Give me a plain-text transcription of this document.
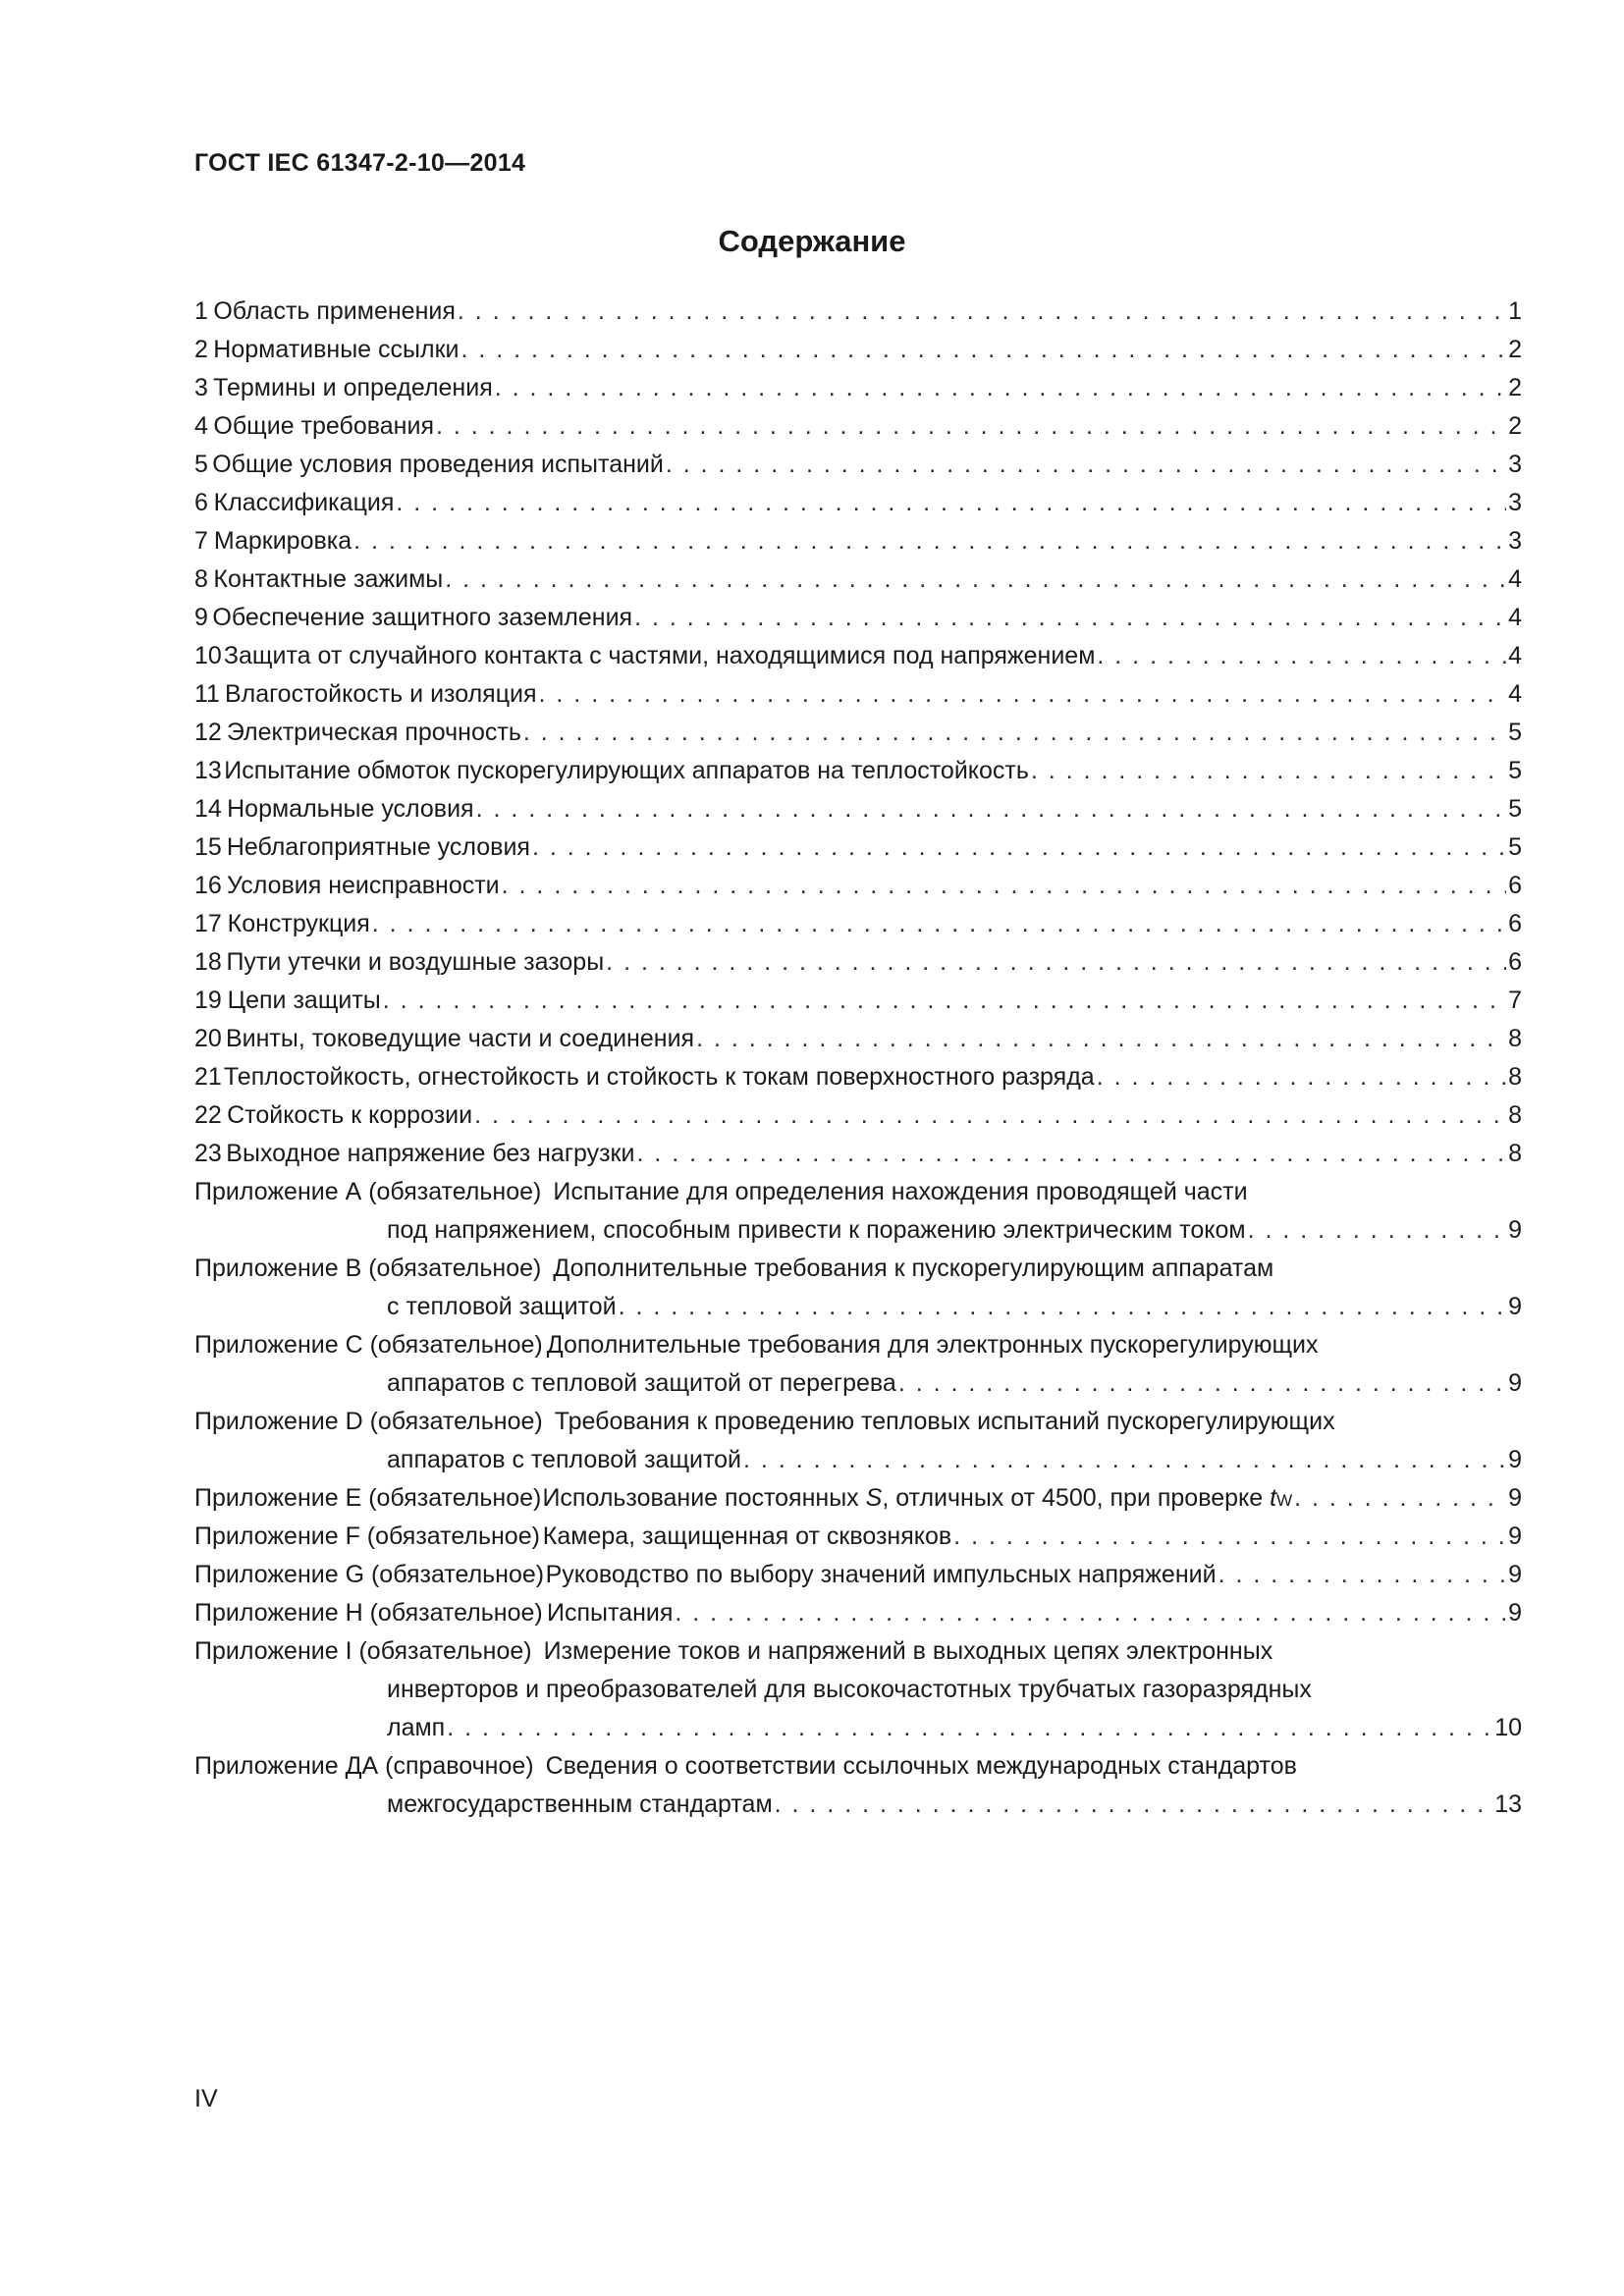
ГОСТ IEC 61347-2-10—2014
Содержание
1 Область применения . . .	1
2 Нормативные ссылки . . .	2
3 Термины и определения . . .	2
4 Общие требования . . .	2
5 Общие условия проведения испытаний . . .	3
6 Классификация . . .	3
7 Маркировка . . .	3
8 Контактные зажимы . . .	4
9 Обеспечение защитного заземления . . .	4
10 Защита от случайного контакта с частями, находящимися под напряжением . . .	4
11 Влагостойкость и изоляция . . .	4
12 Электрическая прочность . . .	5
13 Испытание обмоток пускорегулирующих аппаратов на теплостойкость . . .	5
14 Нормальные условия . . .	5
15 Неблагоприятные условия . . .	5
16 Условия неисправности . . .	6
17 Конструкция . . .	6
18 Пути утечки и воздушные зазоры . . .	6
19 Цепи защиты . . .	7
20 Винты, токоведущие части и соединения . . .	8
21 Теплостойкость, огнестойкость и стойкость к токам поверхностного разряда . . .	8
22 Стойкость к коррозии . . .	8
23 Выходное напряжение без нагрузки . . .	8
Приложение А (обязательное) Испытание для определения нахождения проводящей части
под напряжением, способным привести к поражению электрическим током . . .	9
Приложение В (обязательное) Дополнительные требования к пускорегулирующим аппаратам
с тепловой защитой . . .	9
Приложение С (обязательное) Дополнительные требования для электронных пускорегулирующих
аппаратов с тепловой защитой от перегрева . . .	9
Приложение D (обязательное) Требования к проведению тепловых испытаний пускорегулирующих
аппаратов с тепловой защитой . . .	9
Приложение E (обязательное) Использование постоянных
S , отличных от 4500, при проверке
t W . . .	9
Приложение F (обязательное) Камера, защищенная от сквозняков . . .	9
Приложение G (обязательное) Руководство по выбору значений импульсных напряжений . . .	9
Приложение H (обязательное) Испытания . . .	9
Приложение I (обязательное) Измерение токов и напряжений в выходных цепях электронных
инверторов и преобразователей для высокочастотных трубчатых газоразрядных
ламп . . .	10
Приложение ДА (справочное) Сведения о соответствии ссылочных международных стандартов
межгосударственным стандартам . . .	13
IV
